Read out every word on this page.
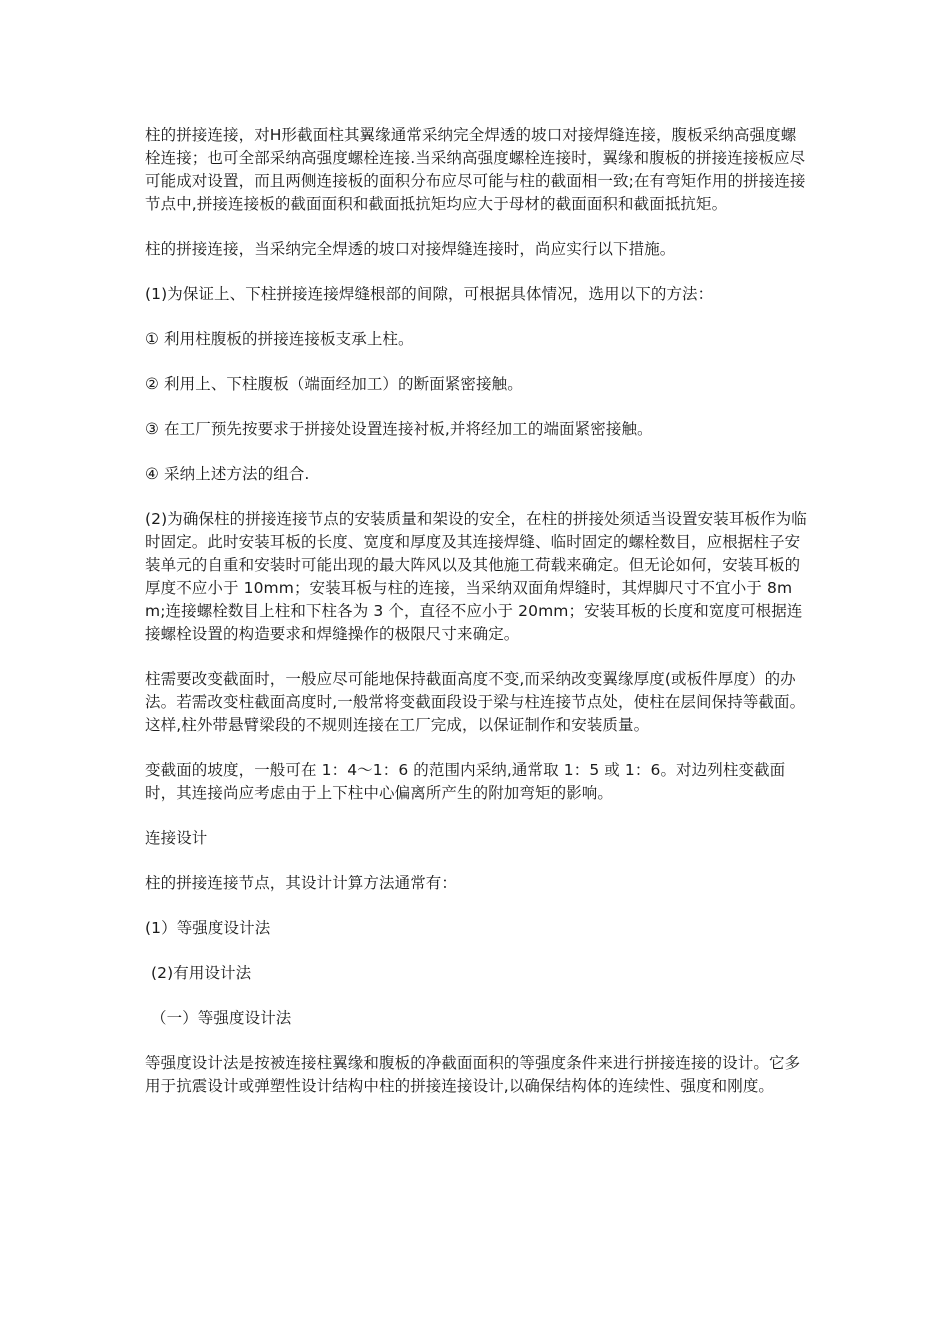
柱的拼接连接，对H形截面柱其翼缘通常采纳完全焊透的坡口对接焊缝连接，腹板采纳高强度螺栓连接；也可全部采纳高强度螺栓连接.当采纳高强度螺栓连接时，翼缘和腹板的拼接连接板应尽可能成对设置，而且两侧连接板的面积分布应尽可能与柱的截面相一致;在有弯矩作用的拼接连接节点中,拼接连接板的截面面积和截面抵抗矩均应大于母材的截面面积和截面抵抗矩。

柱的拼接连接，当采纳完全焊透的坡口对接焊缝连接时，尚应实行以下措施。

(1)为保证上、下柱拼接连接焊缝根部的间隙，可根据具体情况，选用以下的方法：

① 利用柱腹板的拼接连接板支承上柱。

② 利用上、下柱腹板（端面经加工）的断面紧密接触。

③ 在工厂预先按要求于拼接处设置连接衬板,并将经加工的端面紧密接触。

④ 采纳上述方法的组合.

(2)为确保柱的拼接连接节点的安装质量和架设的安全，在柱的拼接处须适当设置安装耳板作为临时固定。此时安装耳板的长度、宽度和厚度及其连接焊缝、临时固定的螺栓数目，应根据柱子安装单元的自重和安装时可能出现的最大阵风以及其他施工荷载来确定。但无论如何，安装耳板的厚度不应小于 10mm；安装耳板与柱的连接，当采纳双面角焊缝时，其焊脚尺寸不宜小于 8mm;连接螺栓数目上柱和下柱各为 3 个，直径不应小于 20mm；安装耳板的长度和宽度可根据连接螺栓设置的构造要求和焊缝操作的极限尺寸来确定。

柱需要改变截面时，一般应尽可能地保持截面高度不变,而采纳改变翼缘厚度(或板件厚度）的办法。若需改变柱截面高度时,一般常将变截面段设于梁与柱连接节点处，使柱在层间保持等截面。这样,柱外带悬臂梁段的不规则连接在工厂完成，以保证制作和安装质量。

变截面的坡度，一般可在 1：4～1：6 的范围内采纳,通常取 1：5 或 1：6。对边列柱变截面时，其连接尚应考虑由于上下柱中心偏离所产生的附加弯矩的影响。

连接设计

柱的拼接连接节点，其设计计算方法通常有：

(1）等强度设计法

(2)有用设计法

（一）等强度设计法

等强度设计法是按被连接柱翼缘和腹板的净截面面积的等强度条件来进行拼接连接的设计。它多用于抗震设计或弹塑性设计结构中柱的拼接连接设计,以确保结构体的连续性、强度和刚度。
